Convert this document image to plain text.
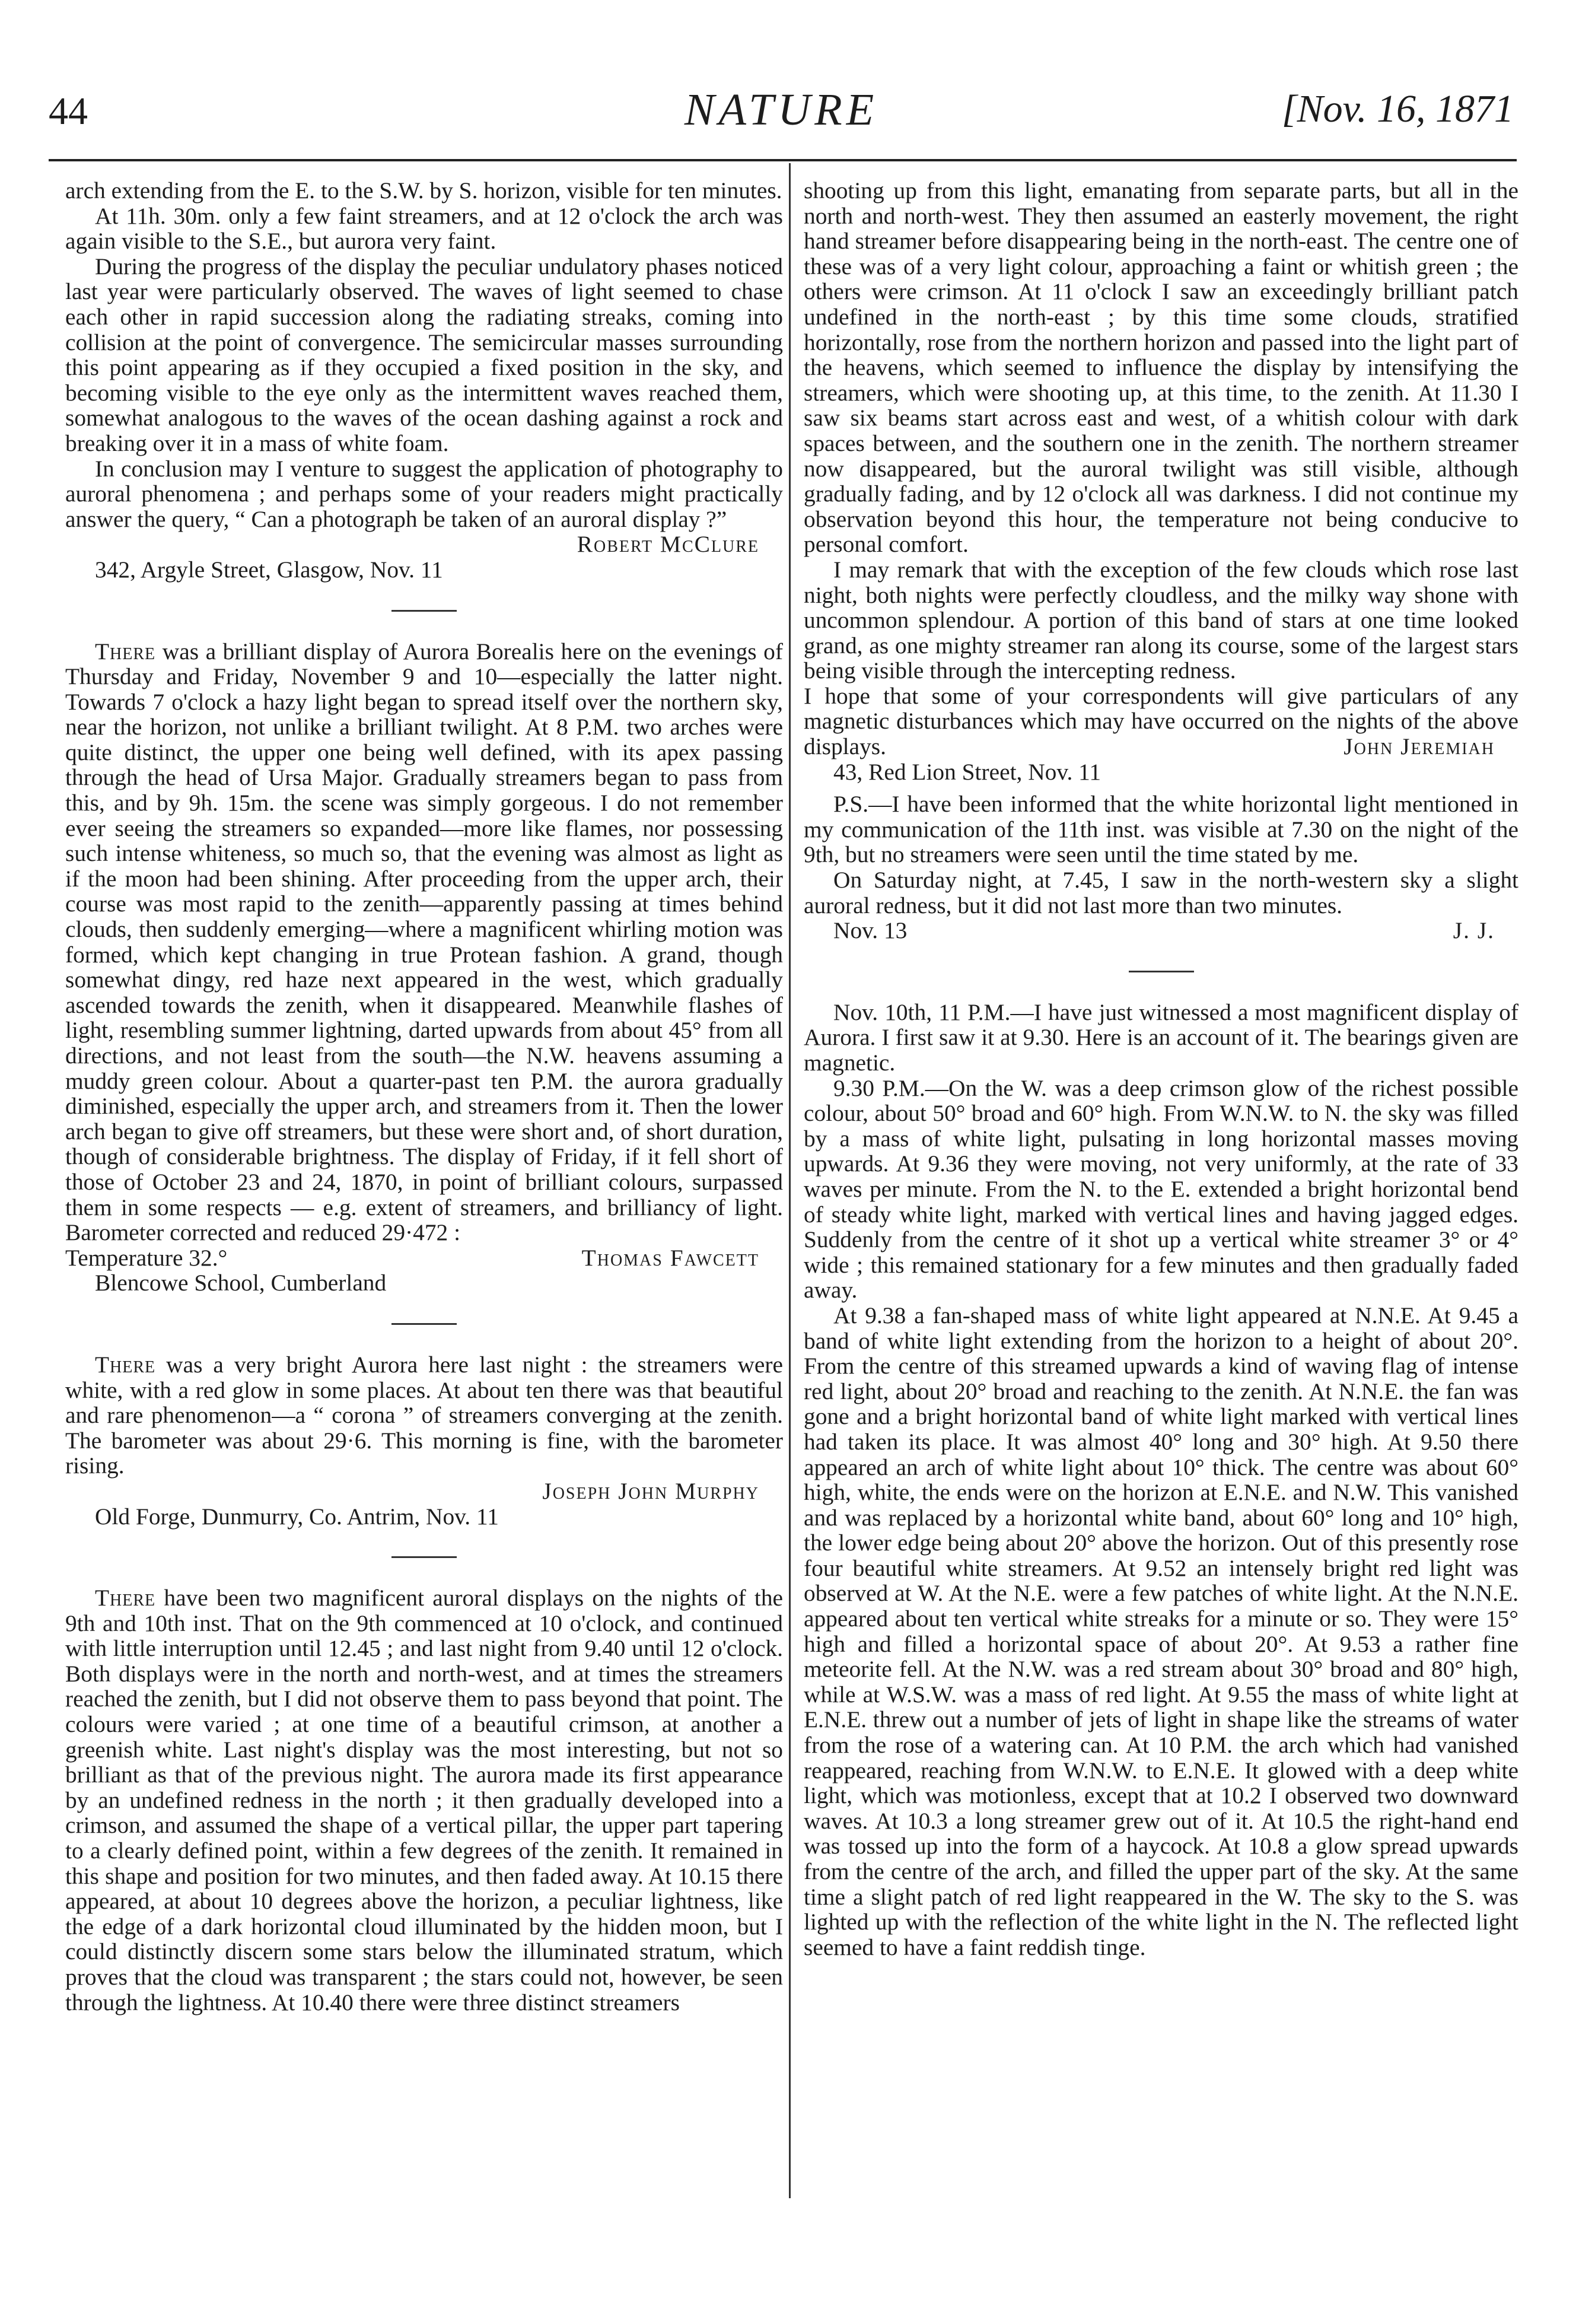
44	NATURE	[Nov. 16, 1871

arch extending from the E. to the S.W. by S. horizon, visible for ten minutes.

At 11h. 30m. only a few faint streamers, and at 12 o'clock the arch was again visible to the S.E., but aurora very faint.

During the progress of the display the peculiar undulatory phases noticed last year were particularly observed. The waves of light seemed to chase each other in rapid succession along the radiating streaks, coming into collision at the point of convergence. The semicircular masses surrounding this point appearing as if they occupied a fixed position in the sky, and becoming visible to the eye only as the intermittent waves reached them, somewhat analogous to the waves of the ocean dashing against a rock and breaking over it in a mass of white foam.

In conclusion may I venture to suggest the application of photography to auroral phenomena ; and perhaps some of your readers might practically answer the query, “ Can a photograph be taken of an auroral display ?”

Robert McClure

342, Argyle Street, Glasgow, Nov. 11

There was a brilliant display of Aurora Borealis here on the evenings of Thursday and Friday, November 9 and 10—especially the latter night. Towards 7 o'clock a hazy light began to spread itself over the northern sky, near the horizon, not unlike a brilliant twilight. At 8 P.M. two arches were quite distinct, the upper one being well defined, with its apex passing through the head of Ursa Major. Gradually streamers began to pass from this, and by 9h. 15m. the scene was simply gorgeous. I do not remember ever seeing the streamers so expanded—more like flames, nor possessing such intense whiteness, so much so, that the evening was almost as light as if the moon had been shining. After proceeding from the upper arch, their course was most rapid to the zenith—apparently passing at times behind clouds, then suddenly emerging—where a magnificent whirling motion was formed, which kept changing in true Protean fashion. A grand, though somewhat dingy, red haze next appeared in the west, which gradually ascended towards the zenith, when it disappeared. Meanwhile flashes of light, resembling summer lightning, darted upwards from about 45° from all directions, and not least from the south—the N.W. heavens assuming a muddy green colour. About a quarter-past ten P.M. the aurora gradually diminished, especially the upper arch, and streamers from it. Then the lower arch began to give off streamers, but these were short and, of short duration, though of considerable brightness. The display of Friday, if it fell short of those of October 23 and 24, 1870, in point of brilliant colours, surpassed them in some respects — e.g. extent of streamers, and brilliancy of light. Barometer corrected and reduced 29·472 :

Temperature 32.°	Thomas Fawcett

Blencowe School, Cumberland

There was a very bright Aurora here last night : the streamers were white, with a red glow in some places. At about ten there was that beautiful and rare phenomenon—a “ corona ” of streamers converging at the zenith. The barometer was about 29·6. This morning is fine, with the barometer rising.

Joseph John Murphy

Old Forge, Dunmurry, Co. Antrim, Nov. 11

There have been two magnificent auroral displays on the nights of the 9th and 10th inst. That on the 9th commenced at 10 o'clock, and continued with little interruption until 12.45 ; and last night from 9.40 until 12 o'clock. Both displays were in the north and north-west, and at times the streamers reached the zenith, but I did not observe them to pass beyond that point. The colours were varied ; at one time of a beautiful crimson, at another a greenish white. Last night's display was the most interesting, but not so brilliant as that of the previous night. The aurora made its first appearance by an undefined redness in the north ; it then gradually developed into a crimson, and assumed the shape of a vertical pillar, the upper part tapering to a clearly defined point, within a few degrees of the zenith. It remained in this shape and position for two minutes, and then faded away. At 10.15 there appeared, at about 10 degrees above the horizon, a peculiar lightness, like the edge of a dark horizontal cloud illuminated by the hidden moon, but I could distinctly discern some stars below the illuminated stratum, which proves that the cloud was transparent ; the stars could not, however, be seen through the lightness. At 10.40 there were three distinct streamers

shooting up from this light, emanating from separate parts, but all in the north and north-west. They then assumed an easterly movement, the right hand streamer before disappearing being in the north-east. The centre one of these was of a very light colour, approaching a faint or whitish green ; the others were crimson. At 11 o'clock I saw an exceedingly brilliant patch undefined in the north-east ; by this time some clouds, stratified horizontally, rose from the northern horizon and passed into the light part of the heavens, which seemed to influence the display by intensifying the streamers, which were shooting up, at this time, to the zenith. At 11.30 I saw six beams start across east and west, of a whitish colour with dark spaces between, and the southern one in the zenith. The northern streamer now disappeared, but the auroral twilight was still visible, although gradually fading, and by 12 o'clock all was darkness. I did not continue my observation beyond this hour, the temperature not being conducive to personal comfort.

I may remark that with the exception of the few clouds which rose last night, both nights were perfectly cloudless, and the milky way shone with uncommon splendour. A portion of this band of stars at one time looked grand, as one mighty streamer ran along its course, some of the largest stars being visible through the intercepting redness.

I hope that some of your correspondents will give particulars of any magnetic disturbances which may have occurred on the nights of the above displays.	John Jeremiah

43, Red Lion Street, Nov. 11

P.S.—I have been informed that the white horizontal light mentioned in my communication of the 11th inst. was visible at 7.30 on the night of the 9th, but no streamers were seen until the time stated by me.

On Saturday night, at 7.45, I saw in the north-western sky a slight auroral redness, but it did not last more than two minutes.

Nov. 13	J. J.

Nov. 10th, 11 P.M.—I have just witnessed a most magnificent display of Aurora. I first saw it at 9.30. Here is an account of it. The bearings given are magnetic.

9.30 P.M.—On the W. was a deep crimson glow of the richest possible colour, about 50° broad and 60° high. From W.N.W. to N. the sky was filled by a mass of white light, pulsating in long horizontal masses moving upwards. At 9.36 they were moving, not very uniformly, at the rate of 33 waves per minute. From the N. to the E. extended a bright horizontal bend of steady white light, marked with vertical lines and having jagged edges. Suddenly from the centre of it shot up a vertical white streamer 3° or 4° wide ; this remained stationary for a few minutes and then gradually faded away.

At 9.38 a fan-shaped mass of white light appeared at N.N.E. At 9.45 a band of white light extending from the horizon to a height of about 20°. From the centre of this streamed upwards a kind of waving flag of intense red light, about 20° broad and reaching to the zenith. At N.N.E. the fan was gone and a bright horizontal band of white light marked with vertical lines had taken its place. It was almost 40° long and 30° high. At 9.50 there appeared an arch of white light about 10° thick. The centre was about 60° high, white, the ends were on the horizon at E.N.E. and N.W. This vanished and was replaced by a horizontal white band, about 60° long and 10° high, the lower edge being about 20° above the horizon. Out of this presently rose four beautiful white streamers. At 9.52 an intensely bright red light was observed at W. At the N.E. were a few patches of white light. At the N.N.E. appeared about ten vertical white streaks for a minute or so. They were 15° high and filled a horizontal space of about 20°. At 9.53 a rather fine meteorite fell. At the N.W. was a red stream about 30° broad and 80° high, while at W.S.W. was a mass of red light. At 9.55 the mass of white light at E.N.E. threw out a number of jets of light in shape like the streams of water from the rose of a watering can. At 10 P.M. the arch which had vanished reappeared, reaching from W.N.W. to E.N.E. It glowed with a deep white light, which was motionless, except that at 10.2 I observed two downward waves. At 10.3 a long streamer grew out of it. At 10.5 the right-hand end was tossed up into the form of a haycock. At 10.8 a glow spread upwards from the centre of the arch, and filled the upper part of the sky. At the same time a slight patch of red light reappeared in the W. The sky to the S. was lighted up with the reflection of the white light in the N. The reflected light seemed to have a faint reddish tinge.
